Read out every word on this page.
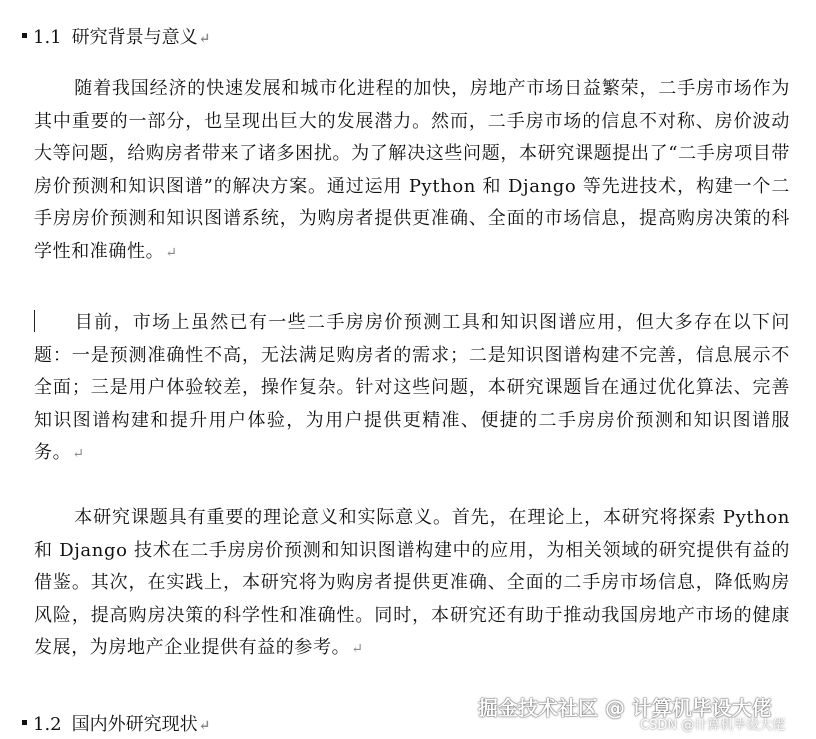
1.1 研究背景与意义↵
随着我国经济的快速发展和城市化进程的加快，房地产市场日益繁荣，二手房市场作为其中重要的一部分，也呈现出巨大的发展潜力。然而，二手房市场的信息不对称、房价波动大等问题，给购房者带来了诸多困扰。为了解决这些问题，本研究课题提出了“二手房项目带房价预测和知识图谱”的解决方案。通过运用 Python 和 Django 等先进技术，构建一个二手房房价预测和知识图谱系统，为购房者提供更准确、全面的市场信息，提高购房决策的科学性和准确性。↵
目前，市场上虽然已有一些二手房房价预测工具和知识图谱应用，但大多存在以下问题：一是预测准确性不高，无法满足购房者的需求；二是知识图谱构建不完善，信息展示不全面；三是用户体验较差，操作复杂。针对这些问题，本研究课题旨在通过优化算法、完善知识图谱构建和提升用户体验，为用户提供更精准、便捷的二手房房价预测和知识图谱服务。↵
本研究课题具有重要的理论意义和实际意义。首先，在理论上，本研究将探索 Python 和 Django 技术在二手房房价预测和知识图谱构建中的应用，为相关领域的研究提供有益的借鉴。其次，在实践上，本研究将为购房者提供更准确、全面的二手房市场信息，降低购房风险，提高购房决策的科学性和准确性。同时，本研究还有助于推动我国房地产市场的健康发展，为房地产企业提供有益的参考。↵
1.2 国内外研究现状↵
掘金技术社区 @ 计算机毕设大佬
CSDN @计算机毕设大佬
